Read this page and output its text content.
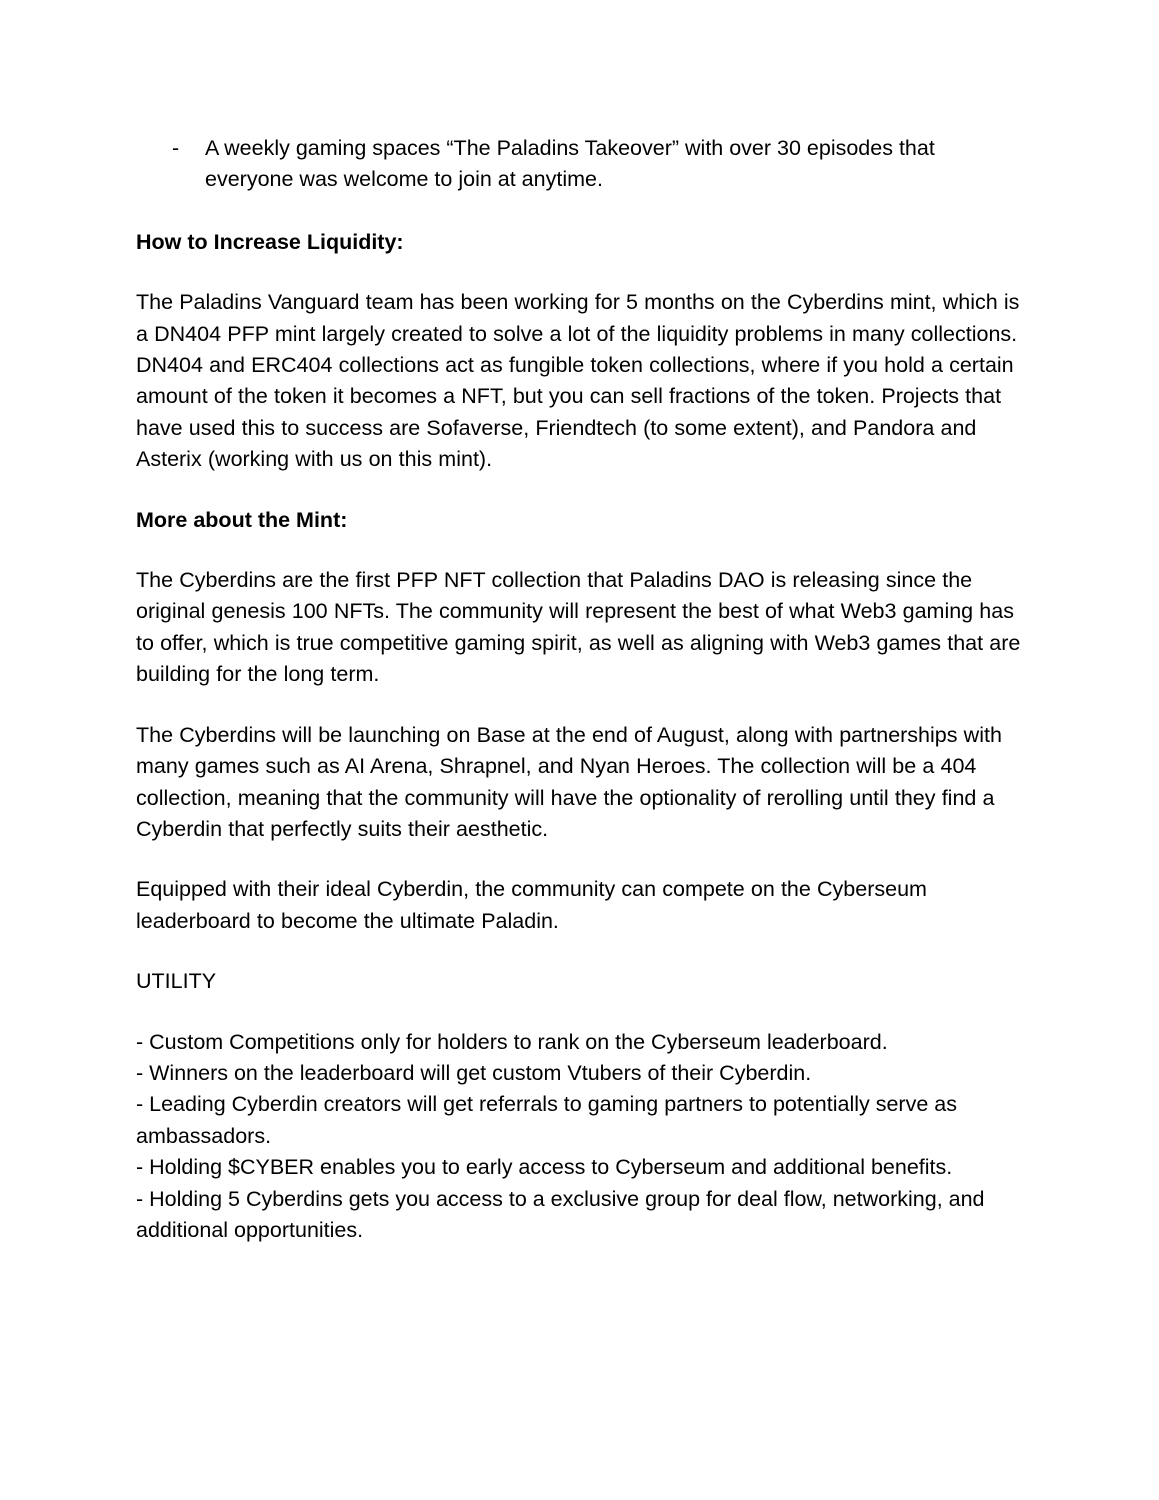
- A weekly gaming spaces “The Paladins Takeover” with over 30 episodes that everyone was welcome to join at anytime.

How to Increase Liquidity:

The Paladins Vanguard team has been working for 5 months on the Cyberdins mint, which is a DN404 PFP mint largely created to solve a lot of the liquidity problems in many collections. DN404 and ERC404 collections act as fungible token collections, where if you hold a certain amount of the token it becomes a NFT, but you can sell fractions of the token. Projects that have used this to success are Sofaverse, Friendtech (to some extent), and Pandora and Asterix (working with us on this mint).

More about the Mint:

The Cyberdins are the first PFP NFT collection that Paladins DAO is releasing since the original genesis 100 NFTs. The community will represent the best of what Web3 gaming has to offer, which is true competitive gaming spirit, as well as aligning with Web3 games that are building for the long term.

The Cyberdins will be launching on Base at the end of August, along with partnerships with many games such as AI Arena, Shrapnel, and Nyan Heroes. The collection will be a 404 collection, meaning that the community will have the optionality of rerolling until they find a Cyberdin that perfectly suits their aesthetic.

Equipped with their ideal Cyberdin, the community can compete on the Cyberseum leaderboard to become the ultimate Paladin.

UTILITY

- Custom Competitions only for holders to rank on the Cyberseum leaderboard.
- Winners on the leaderboard will get custom Vtubers of their Cyberdin.
- Leading Cyberdin creators will get referrals to gaming partners to potentially serve as ambassadors.
- Holding $CYBER enables you to early access to Cyberseum and additional benefits.
- Holding 5 Cyberdins gets you access to a exclusive group for deal flow, networking, and additional opportunities.
